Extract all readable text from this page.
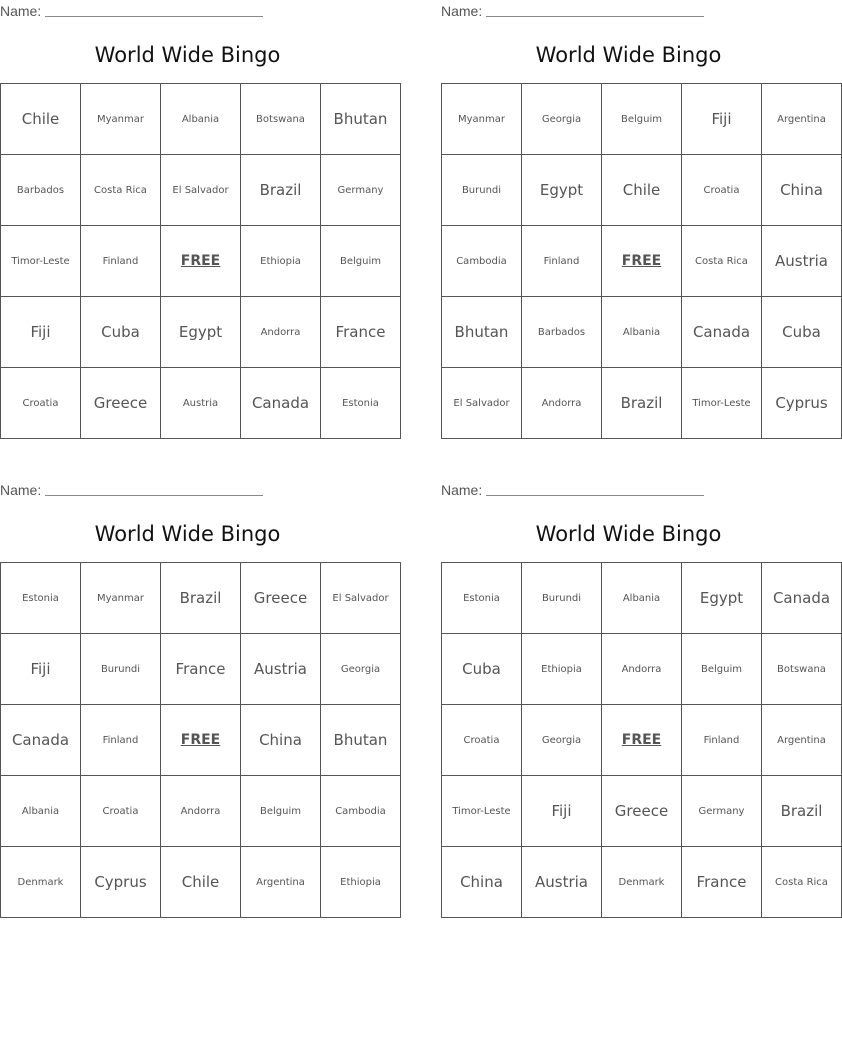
Name:
World Wide Bingo
Chile	Myanmar	Albania	Botswana	Bhutan
Barbados	Costa Rica	El Salvador	Brazil	Germany
Timor-Leste	Finland	FREE	Ethiopia	Belguim
Fiji	Cuba	Egypt	Andorra	France
Croatia	Greece	Austria	Canada	Estonia
Name:
World Wide Bingo
Myanmar	Georgia	Belguim	Fiji	Argentina
Burundi	Egypt	Chile	Croatia	China
Cambodia	Finland	FREE	Costa Rica	Austria
Bhutan	Barbados	Albania	Canada	Cuba
El Salvador	Andorra	Brazil	Timor-Leste	Cyprus
Name:
World Wide Bingo
Estonia	Myanmar	Brazil	Greece	El Salvador
Fiji	Burundi	France	Austria	Georgia
Canada	Finland	FREE	China	Bhutan
Albania	Croatia	Andorra	Belguim	Cambodia
Denmark	Cyprus	Chile	Argentina	Ethiopia
Name:
World Wide Bingo
Estonia	Burundi	Albania	Egypt	Canada
Cuba	Ethiopia	Andorra	Belguim	Botswana
Croatia	Georgia	FREE	Finland	Argentina
Timor-Leste	Fiji	Greece	Germany	Brazil
China	Austria	Denmark	France	Costa Rica
